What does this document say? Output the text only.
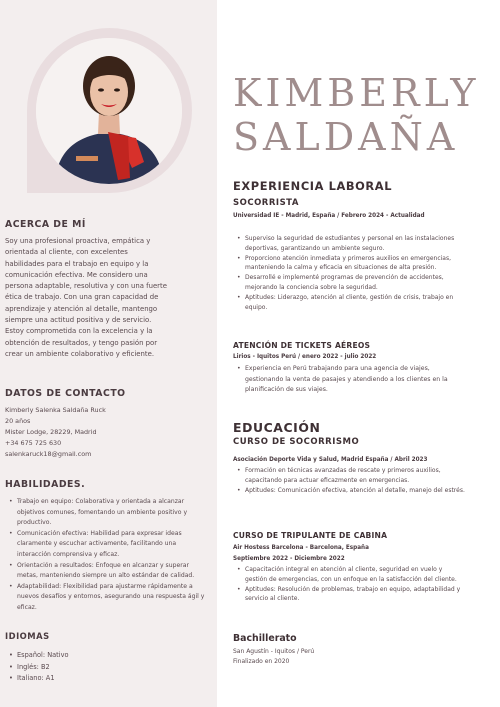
ACERCA DE MÍ
Soy una profesional proactiva, empática y orientada al cliente, con excelentes habilidades para el trabajo en equipo y la comunicación efectiva. Me considero una persona adaptable, resolutiva y con una fuerte ética de trabajo. Con una gran capacidad de aprendizaje y atención al detalle, mantengo siempre una actitud positiva y de servicio. Estoy comprometida con la excelencia y la obtención de resultados, y tengo pasión por crear un ambiente colaborativo y eficiente.
DATOS DE CONTACTO
Kimberly Salenka Saldaña Ruck
20 años
Mister Lodge, 28229, Madrid
+34 675 725 630
salenkaruck18@gmail.com
HABILIDADES.
• Trabajo en equipo: Colaborativa y orientada a alcanzar objetivos comunes, fomentando un ambiente positivo y productivo.
• Comunicación efectiva: Habilidad para expresar ideas claramente y escuchar activamente, facilitando una interacción comprensiva y eficaz.
• Orientación a resultados: Enfoque en alcanzar y superar metas, manteniendo siempre un alto estándar de calidad.
• Adaptabilidad: Flexibilidad para ajustarme rápidamente a nuevos desafíos y entornos, asegurando una respuesta ágil y eficaz.
IDIOMAS
• Español: Nativo
• Inglés: B2
• Italiano: A1
KIMBERLY
SALDAÑA
EXPERIENCIA LABORAL
SOCORRISTA
Universidad IE - Madrid, España / Febrero 2024 - Actualidad
• Superviso la seguridad de estudiantes y personal en las instalaciones deportivas, garantizando un ambiente seguro.
• Proporciono atención inmediata y primeros auxilios en emergencias, manteniendo la calma y eficacia en situaciones de alta presión.
• Desarrollé e implementé programas de prevención de accidentes, mejorando la conciencia sobre la seguridad.
• Aptitudes: Liderazgo, atención al cliente, gestión de crisis, trabajo en equipo.
ATENCIÓN DE TICKETS AÉREOS
Lirios - Iquitos Perú / enero 2022 - julio 2022
• Experiencia en Perú trabajando para una agencia de viajes, gestionando la venta de pasajes y atendiendo a los clientes en la planificación de sus viajes.
EDUCACIÓN
CURSO DE SOCORRISMO
Asociación Deporte Vida y Salud, Madrid España / Abril 2023
• Formación en técnicas avanzadas de rescate y primeros auxilios, capacitando para actuar eficazmente en emergencias.
• Aptitudes: Comunicación efectiva, atención al detalle, manejo del estrés.
CURSO DE TRIPULANTE DE CABINA
Air Hostess Barcelona - Barcelona, España
Septiembre 2022 - Diciembre 2022
• Capacitación integral en atención al cliente, seguridad en vuelo y gestión de emergencias, con un enfoque en la satisfacción del cliente.
• Aptitudes: Resolución de problemas, trabajo en equipo, adaptabilidad y servicio al cliente.
Bachillerato
San Agustín - Iquitos / Perú
Finalizado en 2020
